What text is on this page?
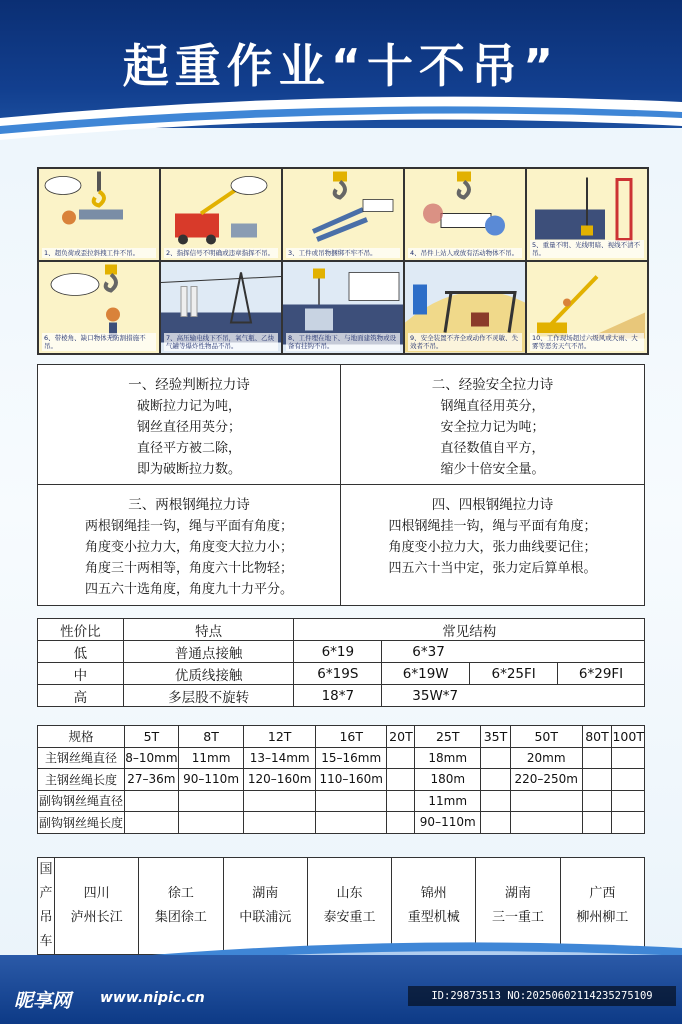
起重作业“十不吊”
1、超负荷或歪拉斜拽工件不吊。	2、指挥信号不明确或违章指挥不吊。	3、工件或吊物捆绑不牢不吊。	4、吊件上站人或放有活动物体不吊。
5、重量不明、光线明暗、视线不清不吊。
6、带棱角、缺口物体无防割措施不吊。
7、高压输电线下不吊，氧气瓶、乙炔气罐等爆炸性物品不吊。
8、工件埋在地下、与地面建筑物或设备有挂钩不吊。
9、安全装置不齐全或动作不灵敏、失效者不吊。
10、工作现场超过六级风或大雨、大雾等恶劣天气不吊。
一、经验判断拉力诗
破断拉力记为吨，
钢丝直径用英分；
直径平方被二除，
即为破断拉力数。
二、经验安全拉力诗
钢绳直径用英分，
安全拉力记为吨；
直径数值自平方，
缩少十倍安全量。
三、两根钢绳拉力诗
两根钢绳挂一钩，绳与平面有角度；
角度变小拉力大，角度变大拉力小；
角度三十两相等，角度六十比物轻；
四五六十选角度，角度九十力平分。
四、四根钢绳拉力诗
四根钢绳挂一钩，绳与平面有角度；
角度变小拉力大，张力曲线要记住；
四五六十当中定，张力定后算单根。
性价比	特点	常见结构			
低	普通点接触	6*19	6*37		
中	优质线接触	6*19S	6*19W	6*25FI	6*29FI
高	多层股不旋转	18*7	35W*7		
规格	5T	8T	12T	16T	20T	25T	35T	50T	80T	100T
主钢丝绳直径	8–10mm	11mm	13–14mm	15–16mm		18mm		20mm		
主钢丝绳长度	27–36m	90–110m	120–160m	110–160m		180m		220–250m		
副钩钢丝绳直径						11mm				
副钩钢丝绳长度						90–110m				
国
产
吊
车

四川
泸州长江

徐工
集团徐工

湖南
中联浦沅

山东
泰安重工

锦州
重型机械

湖南
三一重工

广西
柳州柳工
昵享网 www.nipic.cn	ID:29873513 NO:20250602114235275109
